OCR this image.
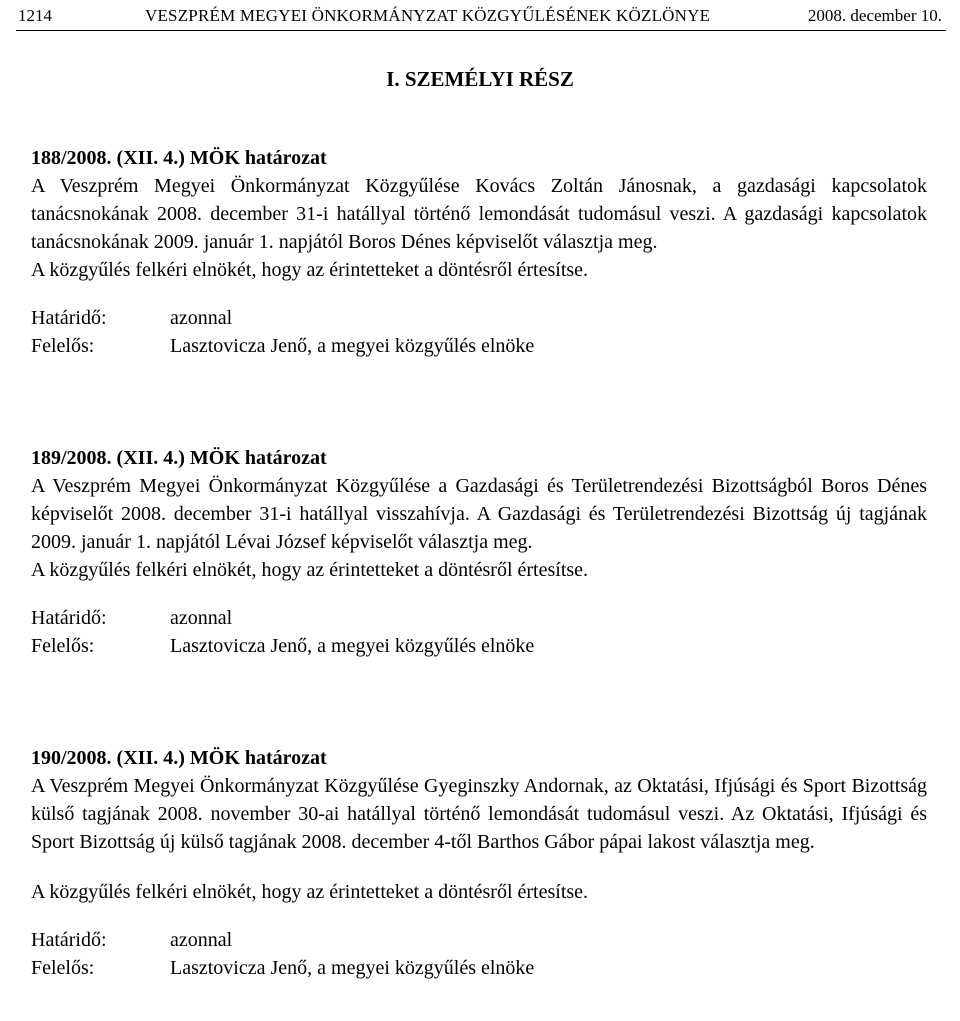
1214	VESZPRÉM MEGYEI ÖNKORMÁNYZAT KÖZGYŰLÉSÉNEK KÖZLÖNYE	2008. december 10.
I. SZEMÉLYI RÉSZ
188/2008. (XII. 4.) MÖK határozat

A Veszprém Megyei Önkormányzat Közgyűlése Kovács Zoltán Jánosnak, a gazdasági kapcsolatok tanácsnokának 2008. december 31-i hatállyal történő lemondását tudomásul veszi. A gazdasági kapcsolatok tanácsnokának 2009. január 1. napjától Boros Dénes képviselőt választja meg.

A közgyűlés felkéri elnökét, hogy az érintetteket a döntésről értesítse.

Határidő:	azonnal
Felelős:	Lasztovicza Jenő, a megyei közgyűlés elnöke
189/2008. (XII. 4.) MÖK határozat

A Veszprém Megyei Önkormányzat Közgyűlése a Gazdasági és Területrendezési Bizottságból Boros Dénes képviselőt 2008. december 31-i hatállyal visszahívja. A Gazdasági és Területrendezési Bizottság új tagjának 2009. január 1. napjától Lévai József képviselőt választja meg.

A közgyűlés felkéri elnökét, hogy az érintetteket a döntésről értesítse.

Határidő:	azonnal
Felelős:	Lasztovicza Jenő, a megyei közgyűlés elnöke
190/2008. (XII. 4.) MÖK határozat

A Veszprém Megyei Önkormányzat Közgyűlése Gyeginszky Andornak, az Oktatási, Ifjúsági és Sport Bizottság külső tagjának 2008. november 30-ai hatállyal történő lemondását tudomásul veszi. Az Oktatási, Ifjúsági és Sport Bizottság új külső tagjának 2008. december 4-től Barthos Gábor pápai lakost választja meg.

A közgyűlés felkéri elnökét, hogy az érintetteket a döntésről értesítse.

Határidő:	azonnal
Felelős:	Lasztovicza Jenő, a megyei közgyűlés elnöke
